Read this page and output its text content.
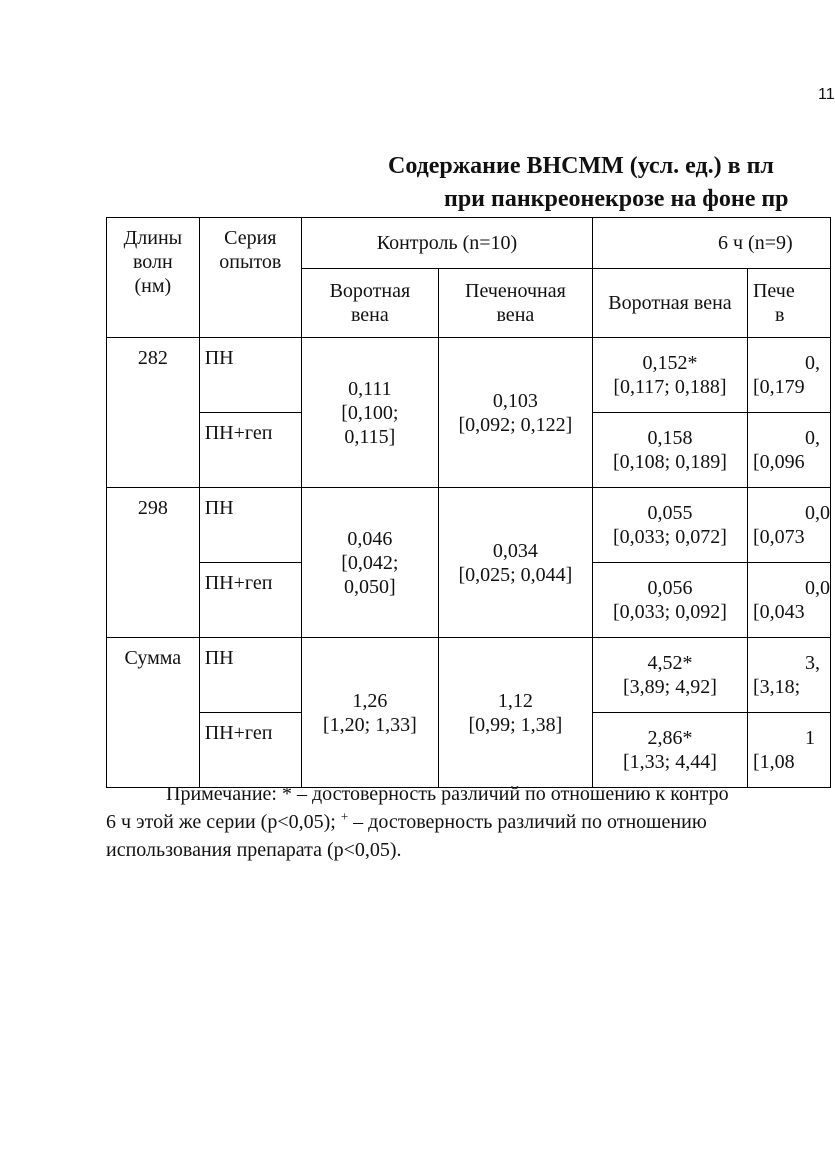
11
Содержание ВНСММ (усл. ед.) в пл
при панкреонекрозе на фоне пр
Длины
волн
(нм)	Серия
опытов	Контроль (n=10)		6 ч (n=9)	

		Воротная
вена	Печеночная
вена	Воротная вена	Пече
в

282	ПН	0,111
[0,100;
0,115]	0,103
[0,092; 0,122]	0,152*
[0,117; 0,188]	0,
[0,179

	ПН+геп			0,158
[0,108; 0,189]	0,
[0,096

298	ПН	0,046
[0,042;
0,050]	0,034
[0,025; 0,044]	0,055
[0,033; 0,072]	0,0
[0,073

	ПН+геп			0,056
[0,033; 0,092]	0,0
[0,043

Сумма	ПН	1,26
[1,20; 1,33]	1,12
[0,99; 1,38]	4,52*
[3,89; 4,92]	3,
[3,18;

	ПН+геп			2,86*
[1,33; 4,44]	1
[1,08
Примечание: * – достоверность различий по отношению к контро
6 ч этой же серии (p<0,05); + – достоверность различий по отношению
использования препарата (p<0,05).
